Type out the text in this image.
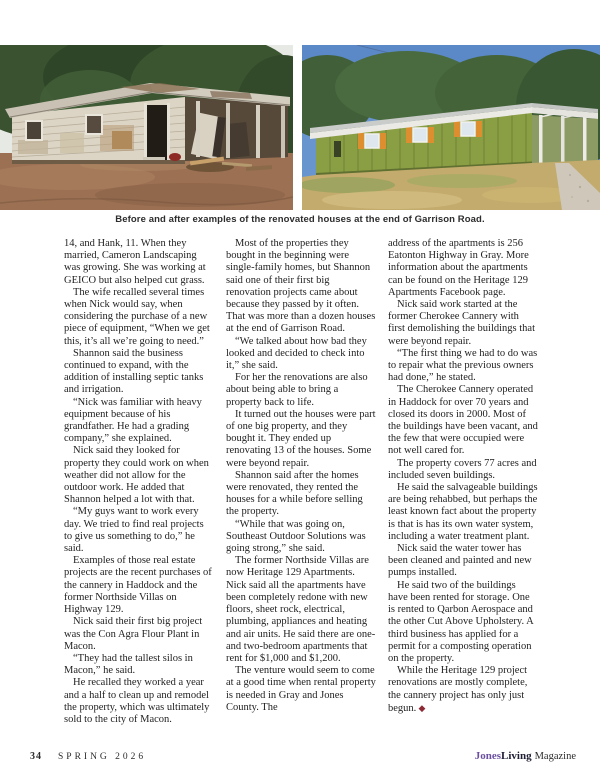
Before and after examples of the renovated houses at the end of Garrison Road.

14, and Hank, 11. When they married, Cameron Landscaping was growing. She was working at GEICO but also helped cut grass.

The wife recalled several times when Nick would say, when considering the purchase of a new piece of equipment, “When we get this, it’s all we’re going to need.”

Shannon said the business continued to expand, with the addition of installing septic tanks and irrigation.

“Nick was familiar with heavy equipment because of his grandfather. He had a grading company,” she explained.

Nick said they looked for property they could work on when weather did not allow for the outdoor work. He added that Shannon helped a lot with that.

“My guys want to work every day. We tried to find real projects to give us something to do,” he said.

Examples of those real estate projects are the recent purchases of the cannery in Haddock and the former Northside Villas on Highway 129.

Nick said their first big project was the Con Agra Flour Plant in Macon.

“They had the tallest silos in Macon,” he said.

He recalled they worked a year and a half to clean up and remodel the property, which was ultimately sold to the city of Macon.

Most of the properties they bought in the beginning were single-family homes, but Shannon said one of their first big renovation projects came about because they passed by it often. That was more than a dozen houses at the end of Garrison Road.

“We talked about how bad they looked and decided to check into it,” she said.

For her the renovations are also about being able to bring a property back to life.

It turned out the houses were part of one big property, and they bought it. They ended up renovating 13 of the houses. Some were beyond repair.

Shannon said after the homes were renovated, they rented the houses for a while before selling the property.

“While that was going on, Southeast Outdoor Solutions was going strong,” she said.

The former Northside Villas are now Heritage 129 Apartments. Nick said all the apartments have been completely redone with new floors, sheet rock, electrical, plumbing, appliances and heating and air units. He said there are one- and two-bedroom apartments that rent for $1,000 and $1,200.

The venture would seem to come at a good time when rental property is needed in Gray and Jones County. The

address of the apartments is 256 Eatonton Highway in Gray. More information about the apartments can be found on the Heritage 129 Apartments Facebook page.

Nick said work started at the former Cherokee Cannery with first demolishing the buildings that were beyond repair.

“The first thing we had to do was to repair what the previous owners had done,” he stated.

The Cherokee Cannery operated in Haddock for over 70 years and closed its doors in 2000. Most of the buildings have been vacant, and the few that were occupied were not well cared for.

The property covers 77 acres and included seven buildings.

He said the salvageable buildings are being rehabbed, but perhaps the least known fact about the property is that is has its own water system, including a water treatment plant.

Nick said the water tower has been cleaned and painted and new pumps installed.

He said two of the buildings have been rented for storage. One is rented to Qarbon Aerospace and the other Cut Above Upholstery. A third business has applied for a permit for a composting operation on the property.

While the Heritage 129 project renovations are mostly complete, the cannery project has only just begun. ◆

34 SPRING 2026	JonesLiving Magazine
